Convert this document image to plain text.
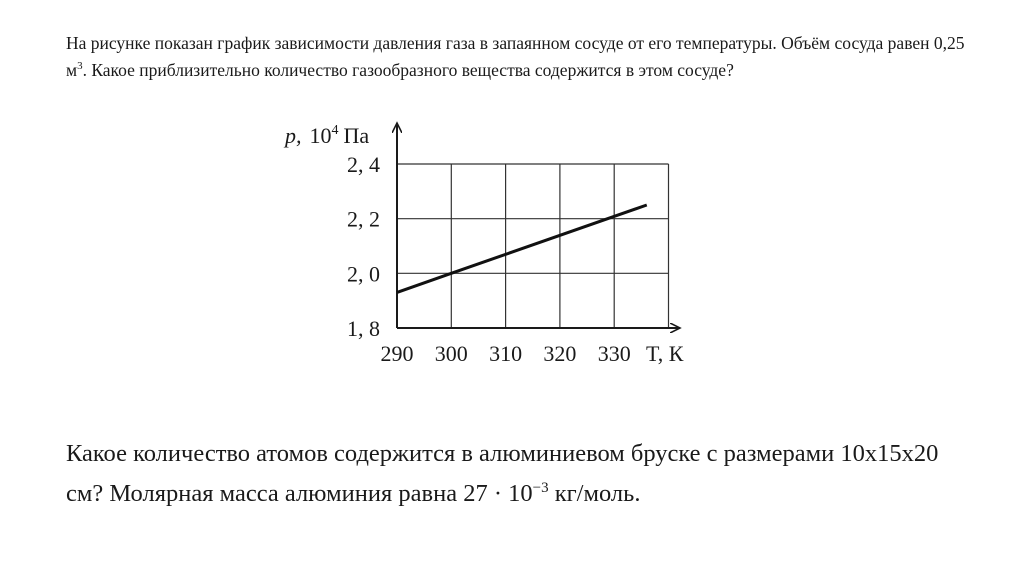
На рисунке показан график зависимости давления газа в запаянном сосуде от его температуры. Объём сосуда равен 0,25 $м^3$. Какое приблизительно количество газообразного вещества содержится в этом сосуде?

1, 8
2, 0
2, 2
2, 4
290 300 310 320 330
p, $10^4$ Па
T, К

Какое количество атомов содержится в алюминиевом бруске с размерами 10x15x20 см? Молярная масса алюминия равна $27 \cdot 10^{-3}$ кг/моль.
